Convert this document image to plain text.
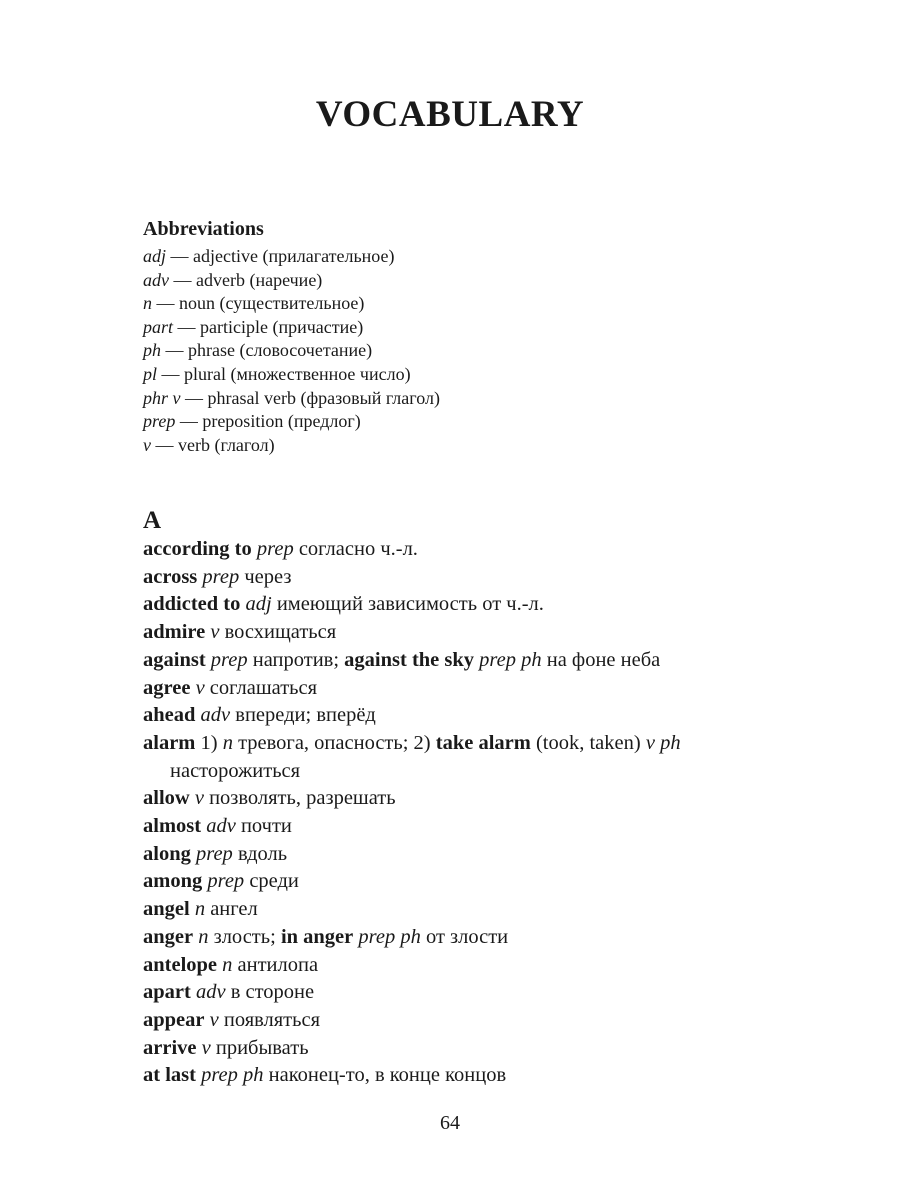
VOCABULARY
Abbreviations
adj — adjective (прилагательное)
adv — adverb (наречие)
n — noun (существительное)
part — participle (причастие)
ph — phrase (словосочетание)
pl — plural (множественное число)
phr v — phrasal verb (фразовый глагол)
prep — preposition (предлог)
v — verb (глагол)
A
according to prep согласно ч.-л.
across prep через
addicted to adj имеющий зависимость от ч.-л.
admire v восхищаться
against prep напротив; against the sky prep ph на фоне неба
agree v соглашаться
ahead adv впереди; вперёд
alarm 1) n тревога, опасность; 2) take alarm (took, taken) v ph насторожиться
allow v позволять, разрешать
almost adv почти
along prep вдоль
among prep среди
angel n ангел
anger n злость; in anger prep ph от злости
antelope n антилопа
apart adv в стороне
appear v появляться
arrive v прибывать
at last prep ph наконец-то, в конце концов
64
